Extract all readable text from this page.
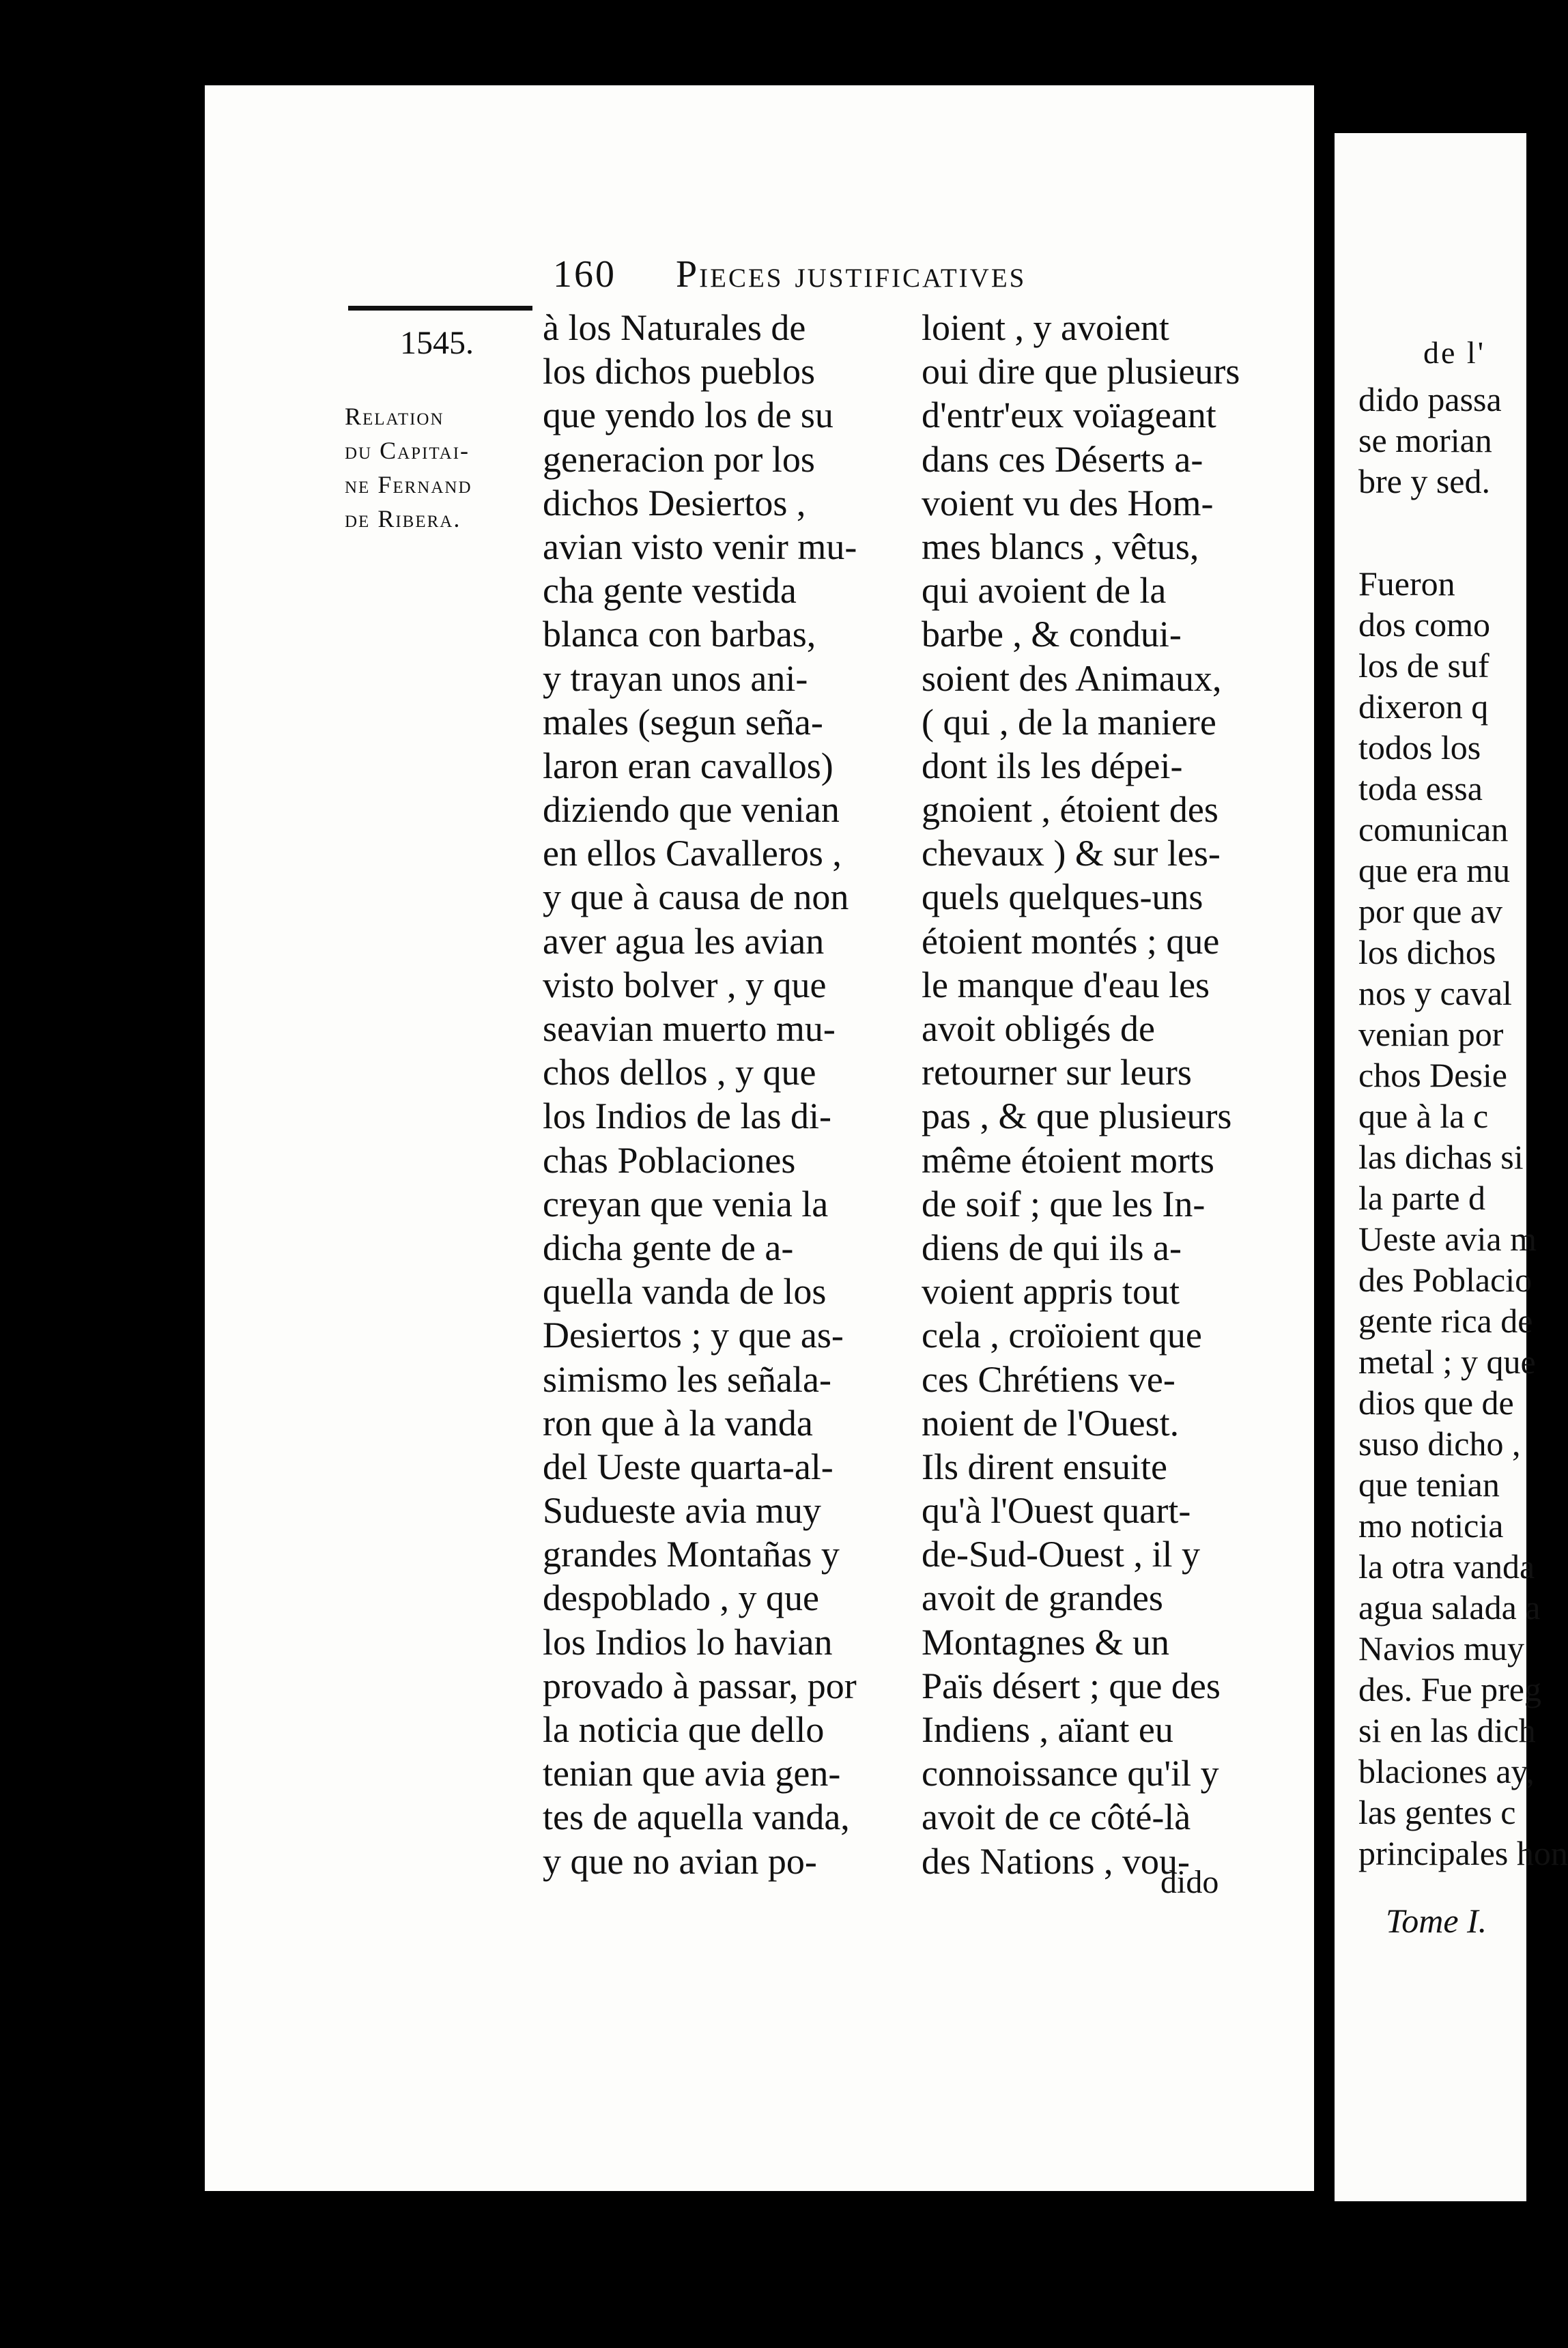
160 Pieces justificatives
1545.
Relation
du Capitai-
ne Fernand
de Ribera.
à los Naturales de
los dichos pueblos
que yendo los de su
generacion por los
dichos Desiertos ,
avian visto venir mu-
cha gente vestida
blanca con barbas,
y trayan unos ani-
males (segun seña-
laron eran cavallos)
diziendo que venian
en ellos Cavalleros ,
y que à causa de non
aver agua les avian
visto bolver , y que
seavian muerto mu-
chos dellos , y que
los Indios de las di-
chas Poblaciones
creyan que venia la
dicha gente de a-
quella vanda de los
Desiertos ; y que as-
simismo les señala-
ron que à la vanda
del Ueste quarta-al-
Sudueste avia muy
grandes Montañas y
despoblado , y que
los Indios lo havian
provado à passar, por
la noticia que dello
tenian que avia gen-
tes de aquella vanda,
y que no avian po-
loient , y avoient
oui dire que plusieurs
d'entr'eux voïageant
dans ces Déserts a-
voient vu des Hom-
mes blancs , vêtus,
qui avoient de la
barbe , & condui-
soient des Animaux,
( qui , de la maniere
dont ils les dépei-
gnoient , étoient des
chevaux ) & sur les-
quels quelques-uns
étoient montés ; que
le manque d'eau les
avoit obligés de
retourner sur leurs
pas , & que plusieurs
même étoient morts
de soif ; que les In-
diens de qui ils a-
voient appris tout
cela , croïoient que
ces Chrétiens ve-
noient de l'Ouest.
Ils dirent ensuite
qu'à l'Ouest quart-
de-Sud-Ouest , il y
avoit de grandes
Montagnes & un
Païs désert ; que des
Indiens , aïant eu
connoissance qu'il y
avoit de ce côté-là
des Nations , vou-
dido
de l'
dido passa
se morian
bre y sed.
Fueron
dos como
los de suf
dixeron q
todos los
toda essa
comunican
que era mu
por que av
los dichos
nos y caval
venian por
chos Desie
que à la c
las dichas si
la parte d
Ueste avia m
des Poblacio
gente rica de
metal ; y que
dios que de
suso dicho ,
que tenian
mo noticia
la otra vanda
agua salada a
Navios muy
des. Fue preg
si en las dich
blaciones ay,
las gentes c
principales hon
Tome I.
